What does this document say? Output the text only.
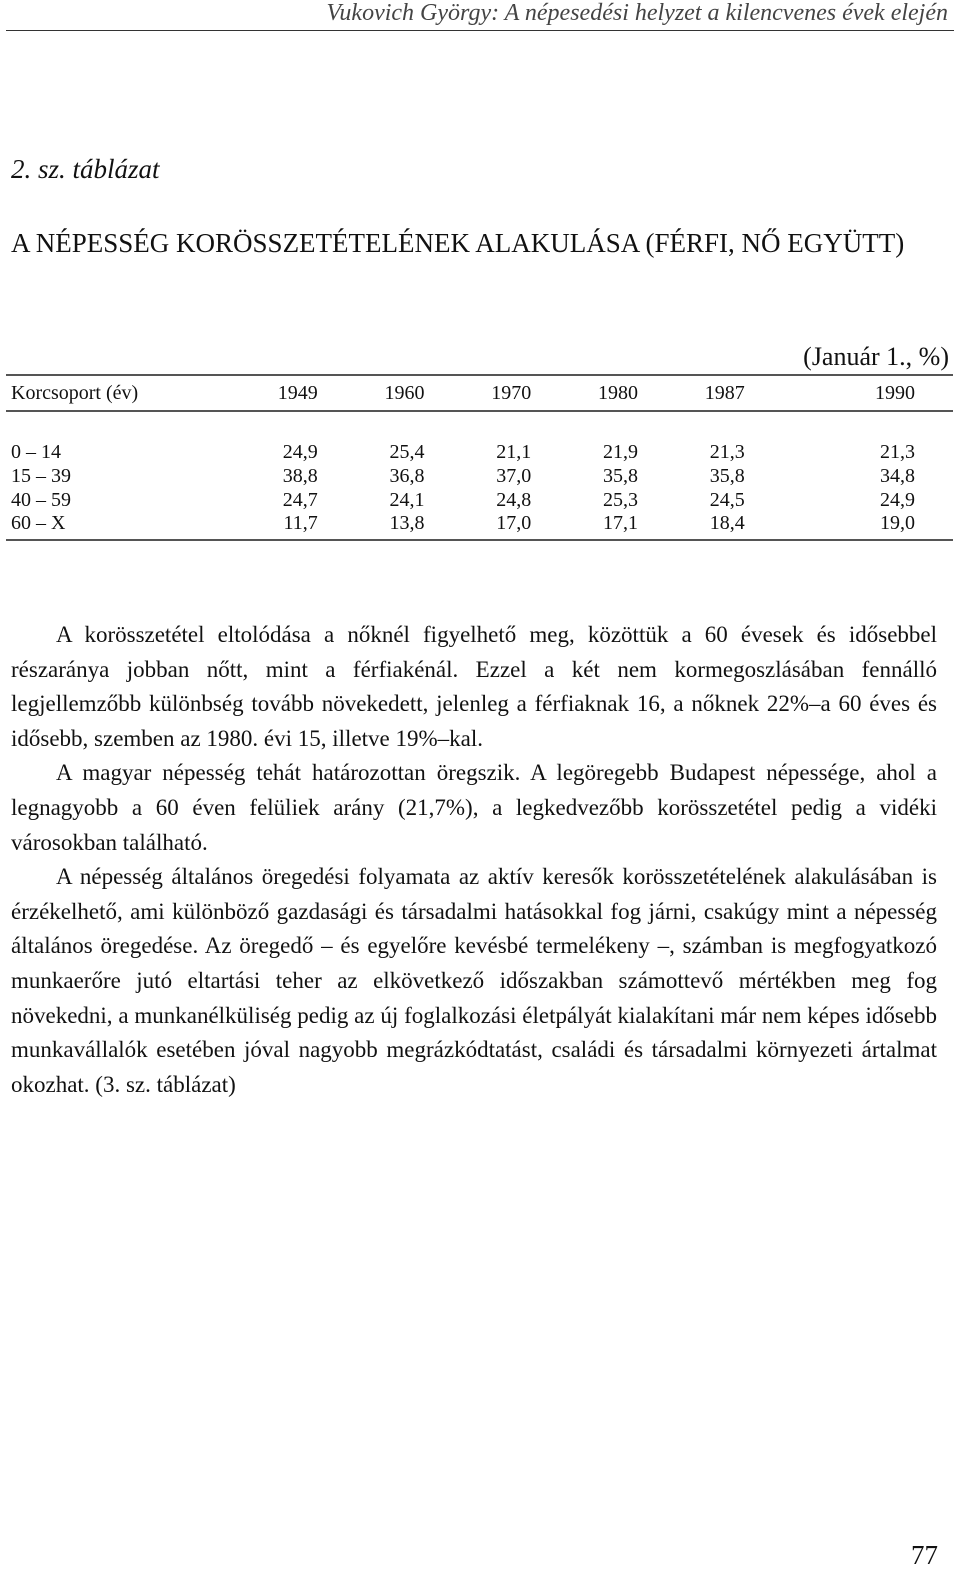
Vukovich György: A népesedési helyzet a kilencvenes évek elején
2. sz. táblázat
A NÉPESSÉG KORÖSSZETÉTELÉNEK ALAKULÁSA (FÉRFI, NŐ EGYÜTT)
(Január 1., %)
Korcsoport (év)	1949	1960	1970	1980	1987	1990

0 – 14	24,9	25,4	21,1	21,9	21,3	21,3
15 – 39	38,8	36,8	37,0	35,8	35,8	34,8
40 – 59	24,7	24,1	24,8	25,3	24,5	24,9
60 – X	11,7	13,8	17,0	17,1	18,4	19,0

A korösszetétel eltolódása a nőknél figyelhető meg, közöttük a 60 évesek és idősebbel részaránya jobban nőtt, mint a férfiakénál. Ezzel a két nem kormegoszlásában fennálló legjellemzőbb különbség tovább növekedett, jelenleg a férfiaknak 16, a nőknek 22%–a 60 éves és idősebb, szemben az 1980. évi 15, illetve 19%–kal.

A magyar népesség tehát határozottan öregszik. A legöregebb Budapest népessége, ahol a legnagyobb a 60 éven felüliek arány (21,7%), a legkedvezőbb korösszetétel pedig a vidéki városokban található.

A népesség általános öregedési folyamata az aktív keresők korösszetételének alakulásában is érzékelhető, ami különböző gazdasági és társadalmi hatásokkal fog járni, csakúgy mint a népesség általános öregedése. Az öregedő – és egyelőre kevésbé termelékeny –, számban is megfogyatkozó munkaerőre jutó eltartási teher az elkövetkező időszakban számottevő mértékben meg fog növekedni, a munkanélküliség pedig az új foglalkozási életpályát kialakítani már nem képes idősebb munkavállalók esetében jóval nagyobb megrázkódtatást, családi és társadalmi környezeti ártalmat okozhat. (3. sz. táblázat)

77
